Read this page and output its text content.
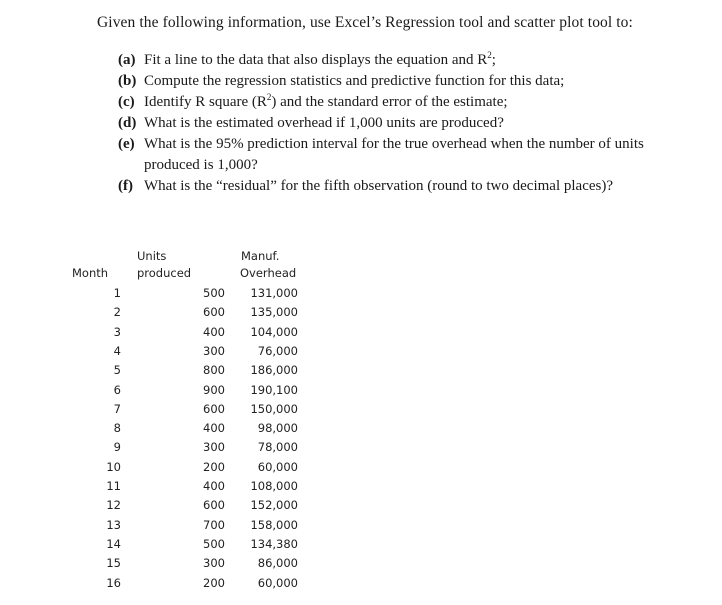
Given the following information, use Excel’s Regression tool and scatter plot tool to:
(a) Fit a line to the data that also displays the equation and $R^2$;
(b) Compute the regression statistics and predictive function for this data;
(c) Identify R square $(R^2)$ and the standard error of the estimate;
(d) What is the estimated overhead if 1,000 units are produced?
(e) What is the 95% prediction interval for the true overhead when the number of units produced is 1,000?
(f) What is the “residual” for the fifth observation (round to two decimal places)?
Month
Units
produced
Manuf.
Overhead
1	500 131,000
2	600 135,000
3	400 104,000
4	300	76,000
5	800 186,000
6	900 190,100
7	600 150,000
8	400	98,000
9	300	78,000
10	200	60,000
11	400 108,000
12	600 152,000
13	700 158,000
14	500 134,380
15	300	86,000
16	200	60,000
